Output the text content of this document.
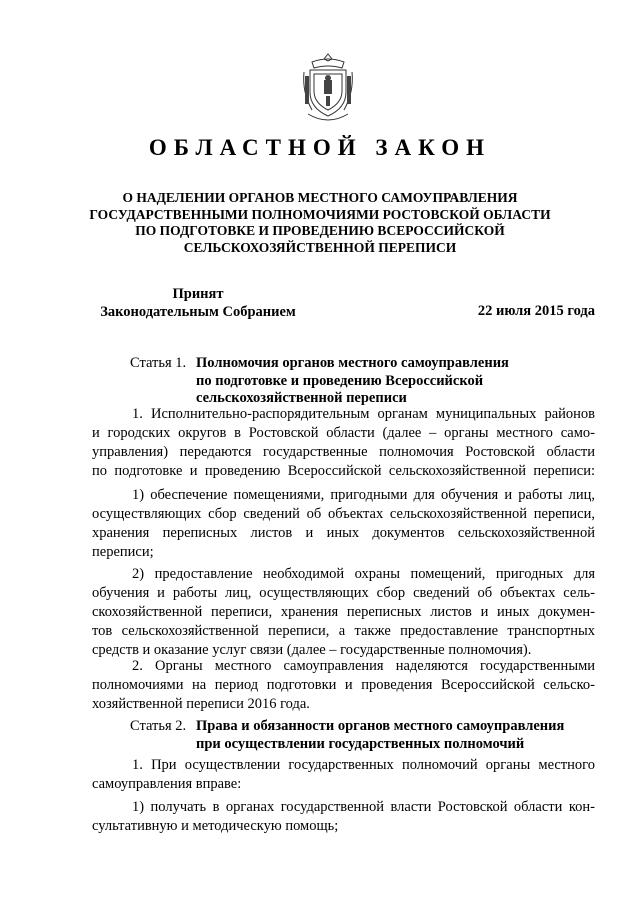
ОБЛАСТНОЙ ЗАКОН
О НАДЕЛЕНИИ ОРГАНОВ МЕСТНОГО САМОУПРАВЛЕНИЯ
ГОСУДАРСТВЕННЫМИ ПОЛНОМОЧИЯМИ РОСТОВСКОЙ ОБЛАСТИ
ПО ПОДГОТОВКЕ И ПРОВЕДЕНИЮ ВСЕРОССИЙСКОЙ
СЕЛЬСКОХОЗЯЙСТВЕННОЙ ПЕРЕПИСИ
Принят
Законодательным Собранием	22 июля 2015 года
Статья 1. Полномочия органов местного самоуправления
по подготовке и проведению Всероссийской
сельскохозяйственной переписи
1. Исполнительно-распорядительным органам муниципальных районов
и городских округов в Ростовской области (далее – органы местного само-
управления) передаются государственные полномочия Ростовской области
по подготовке и проведению Всероссийской сельскохозяйственной переписи:
1) обеспечение помещениями, пригодными для обучения и работы лиц,
осуществляющих сбор сведений об объектах сельскохозяйственной переписи,
хранения переписных листов и иных документов сельскохозяйственной
переписи;
2) предоставление необходимой охраны помещений, пригодных для
обучения и работы лиц, осуществляющих сбор сведений об объектах сель-
скохозяйственной переписи, хранения переписных листов и иных докумен-
тов сельскохозяйственной переписи, а также предоставление транспортных
средств и оказание услуг связи (далее – государственные полномочия).
2. Органы местного самоуправления наделяются государственными
полномочиями на период подготовки и проведения Всероссийской сельско-
хозяйственной переписи 2016 года.
Статья 2. Права и обязанности органов местного самоуправления
при осуществлении государственных полномочий
1. При осуществлении государственных полномочий органы местного
самоуправления вправе:
1) получать в органах государственной власти Ростовской области кон-
сультативную и методическую помощь;
